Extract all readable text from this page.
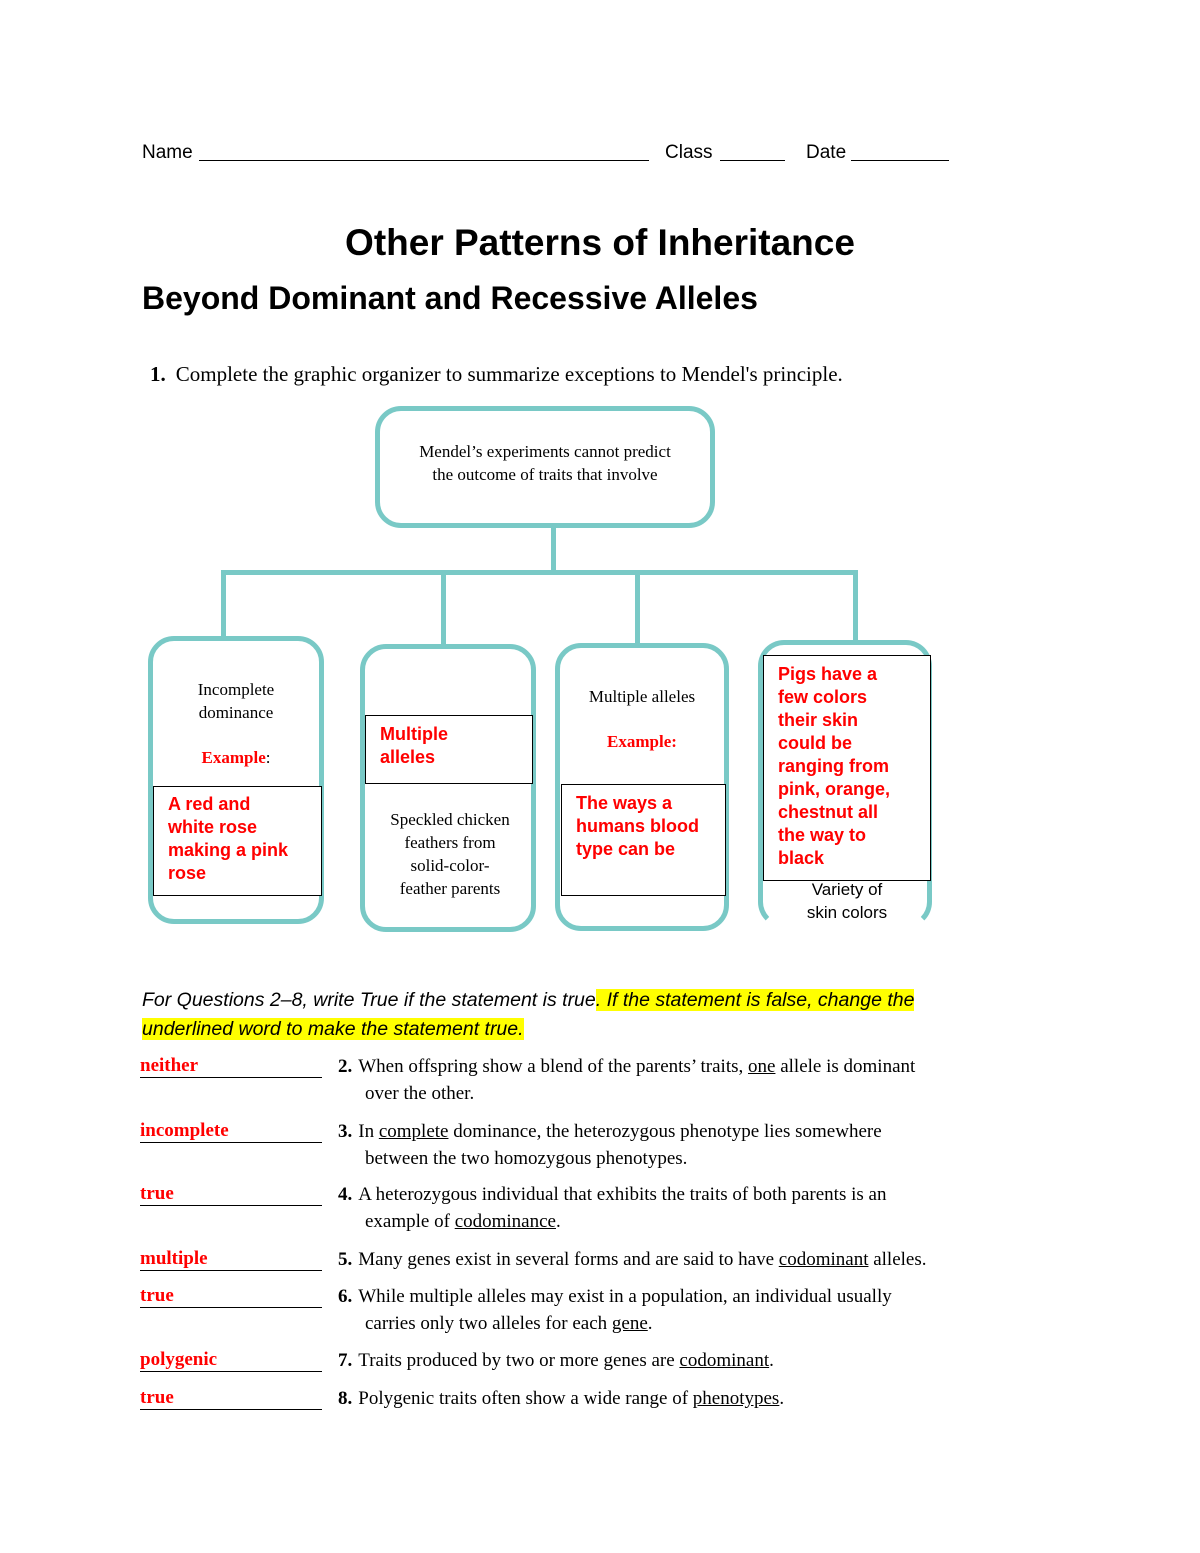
Name	Class	Date
Other Patterns of Inheritance
Beyond Dominant and Recessive Alleles
1. Complete the graphic organizer to summarize exceptions to Mendel's principle.
Mendel’s experiments cannot predict
the outcome of traits that involve
Incomplete
dominance
Example:
A red and
white rose
making a pink
rose
Multiple
alleles
Speckled chicken
feathers from
solid-color-
feather parents
Multiple alleles
Example:
The ways a
humans blood
type can be
Pigs have a
few colors
their skin
could be
ranging from
pink, orange,
chestnut all
the way to
black
Variety of
skin colors
For Questions 2–8, write True if the statement is true. If the statement is false, change the
underlined word to make the statement true.
neither	2. When offspring show a blend of the parents’ traits, one allele is dominant
over the other.
incomplete	3. In complete dominance, the heterozygous phenotype lies somewhere
between the two homozygous phenotypes.
true	4. A heterozygous individual that exhibits the traits of both parents is an
example of codominance.
multiple	5. Many genes exist in several forms and are said to have codominant alleles.
true	6. While multiple alleles may exist in a population, an individual usually
carries only two alleles for each gene.
polygenic	7. Traits produced by two or more genes are codominant.
true	8. Polygenic traits often show a wide range of phenotypes.
